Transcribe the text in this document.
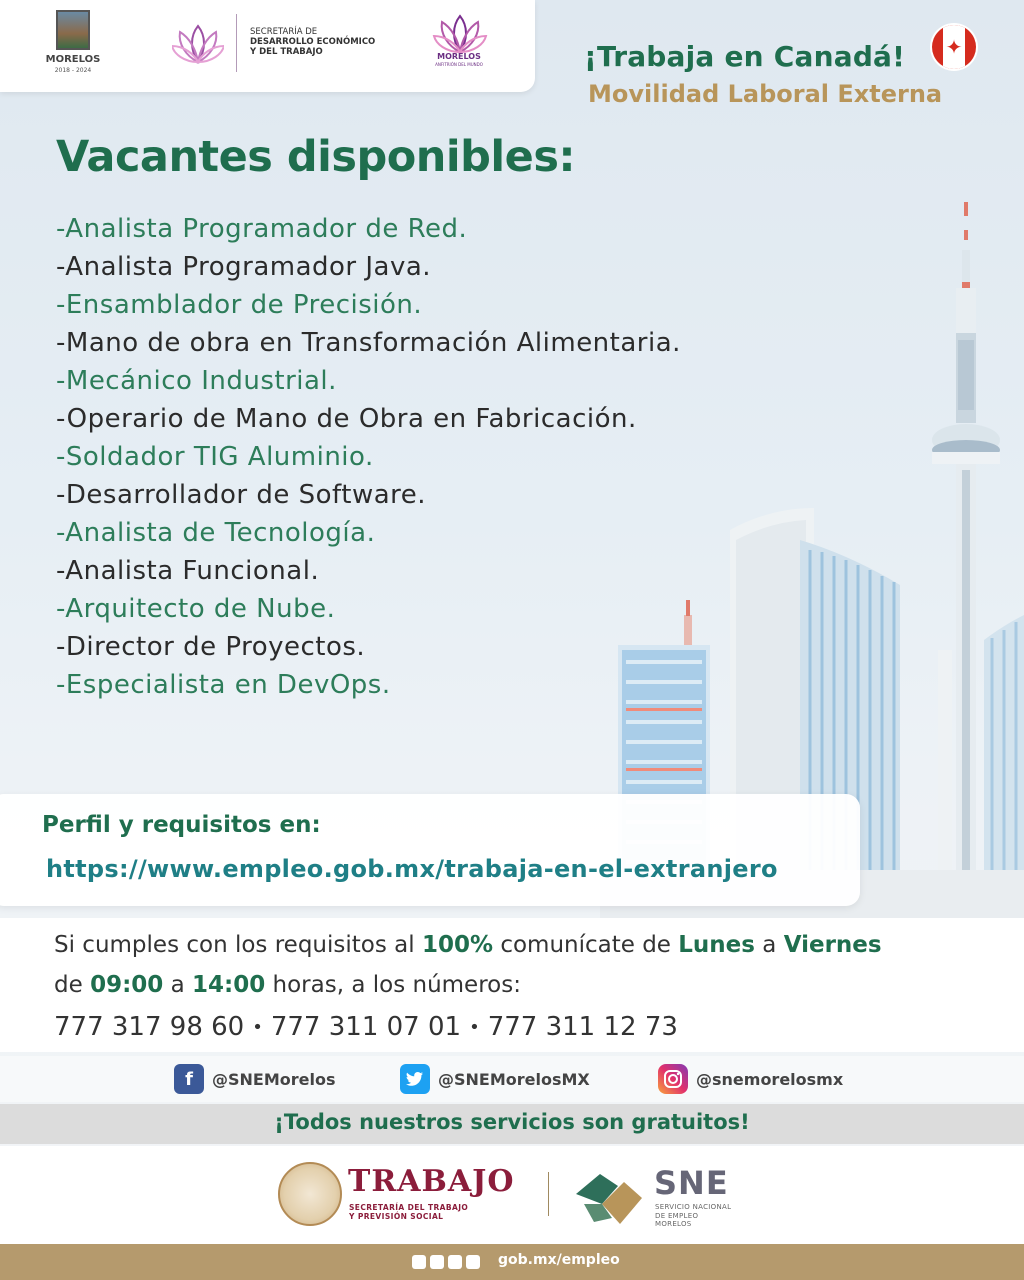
MORELOS
2018 - 2024
SECRETARÍA DE
DESARROLLO ECONÓMICO
Y DEL TRABAJO	MORELOS
ANFITRIÓN DEL MUNDO	¡Trabaja en Canadá! ✦
Movilidad Laboral Externa
Vacantes disponibles:
-Analista Programador de Red.
-Analista Programador Java.
-Ensamblador de Precisión.
-Mano de obra en Transformación Alimentaria.
-Mecánico Industrial.
-Operario de Mano de Obra en Fabricación.
-Soldador TIG Aluminio.
-Desarrollador de Software.
-Analista de Tecnología.
-Analista Funcional.
-Arquitecto de Nube.
-Director de Proyectos.
-Especialista en DevOps.
Perfil y requisitos en:
https://www.empleo.gob.mx/trabaja-en-el-extranjero
Si cumples con los requisitos al 100% comunícate de Lunes a Viernes
de 09:00 a 14:00 horas, a los números:
777 317 98 60 • 777 311 07 01 • 777 311 12 73
f	@SNEMorelos	@SNEMorelosMX	@snemorelosmx
¡Todos nuestros servicios son gratuitos!
TRABAJO
SECRETARÍA DEL TRABAJO
Y PREVISIÓN SOCIAL
SNE
SERVICIO NACIONAL
DE EMPLEO
MORELOS
gob.mx/empleo
